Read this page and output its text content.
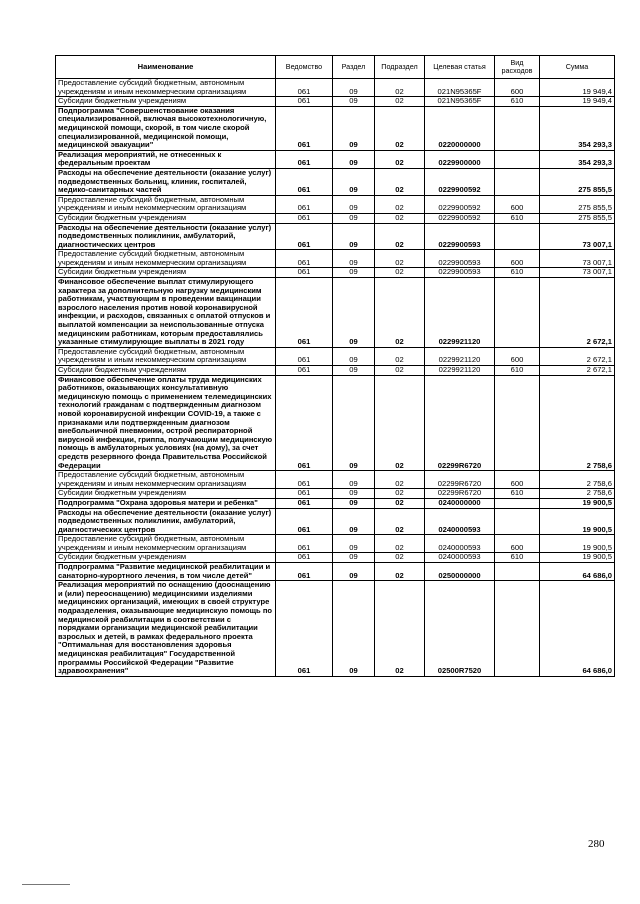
Наименование	Ведомство	Раздел	Подраздел	Целевая статья	Вид расходов	Сумма
Предоставление субсидий бюджетным, автономным учреждениям и иным некоммерческим организациям	061	09	02	021N95365F	600	19 949,4
Субсидии бюджетным учреждениям	061	09	02	021N95365F	610	19 949,4
Подпрограмма "Совершенствование оказания специализированной, включая высокотехнологичную, медицинской помощи, скорой, в том числе скорой специализированной, медицинской помощи, медицинской эвакуации"	061	09	02	0220000000		354 293,3
Реализация мероприятий, не отнесенных к федеральным проектам	061	09	02	0229900000		354 293,3
Расходы на обеспечение деятельности (оказание услуг) подведомственных больниц, клиник, госпиталей, медико-санитарных частей	061	09	02	0229900592		275 855,5
Предоставление субсидий бюджетным, автономным учреждениям и иным некоммерческим организациям	061	09	02	0229900592	600	275 855,5
Субсидии бюджетным учреждениям	061	09	02	0229900592	610	275 855,5
Расходы на обеспечение деятельности (оказание услуг) подведомственных поликлиник, амбулаторий, диагностических центров	061	09	02	0229900593		73 007,1
Предоставление субсидий бюджетным, автономным учреждениям и иным некоммерческим организациям	061	09	02	0229900593	600	73 007,1
Субсидии бюджетным учреждениям	061	09	02	0229900593	610	73 007,1
Финансовое обеспечение выплат стимулирующего характера за дополнительную нагрузку медицинским работникам, участвующим в проведении вакцинации взрослого населения против новой коронавирусной инфекции, и расходов, связанных с оплатой отпусков и выплатой компенсации за неиспользованные отпуска медицинским работникам, которым предоставлялись указанные стимулирующие выплаты в 2021 году	061	09	02	0229921120		2 672,1
Предоставление субсидий бюджетным, автономным учреждениям и иным некоммерческим организациям	061	09	02	0229921120	600	2 672,1
Субсидии бюджетным учреждениям	061	09	02	0229921120	610	2 672,1
Финансовое обеспечение оплаты труда медицинских работников, оказывающих консультативную медицинскую помощь с применением телемедицинских технологий гражданам с подтвержденным диагнозом новой коронавирусной инфекции COVID-19, а также с признаками или подтвержденным диагнозом внебольничной пневмонии, острой респираторной вирусной инфекции, гриппа, получающим медицинскую помощь в амбулаторных условиях (на дому), за счет средств резервного фонда Правительства Российской Федерации	061	09	02	02299R6720		2 758,6
Предоставление субсидий бюджетным, автономным учреждениям и иным некоммерческим организациям	061	09	02	02299R6720	600	2 758,6
Субсидии бюджетным учреждениям	061	09	02	02299R6720	610	2 758,6
Подпрограмма "Охрана здоровья матери и ребенка"	061	09	02	0240000000		19 900,5
Расходы на обеспечение деятельности (оказание услуг) подведомственных поликлиник, амбулаторий, диагностических центров	061	09	02	0240000593		19 900,5
Предоставление субсидий бюджетным, автономным учреждениям и иным некоммерческим организациям	061	09	02	0240000593	600	19 900,5
Субсидии бюджетным учреждениям	061	09	02	0240000593	610	19 900,5
Подпрограмма "Развитие медицинской реабилитации и санаторно-курортного лечения, в том числе детей"	061	09	02	0250000000		64 686,0
Реализация мероприятий по оснащению (дооснащению и (или) переоснащению) медицинскими изделиями медицинских организаций, имеющих в своей структуре подразделения, оказывающие медицинскую помощь по медицинской реабилитации в соответствии с порядками организации медицинской реабилитации взрослых и детей, в рамках федерального проекта "Оптимальная для восстановления здоровья медицинская реабилитация" Государственной программы Российской Федерации "Развитие здравоохранения"	061	09	02	02500R7520		64 686,0
280
